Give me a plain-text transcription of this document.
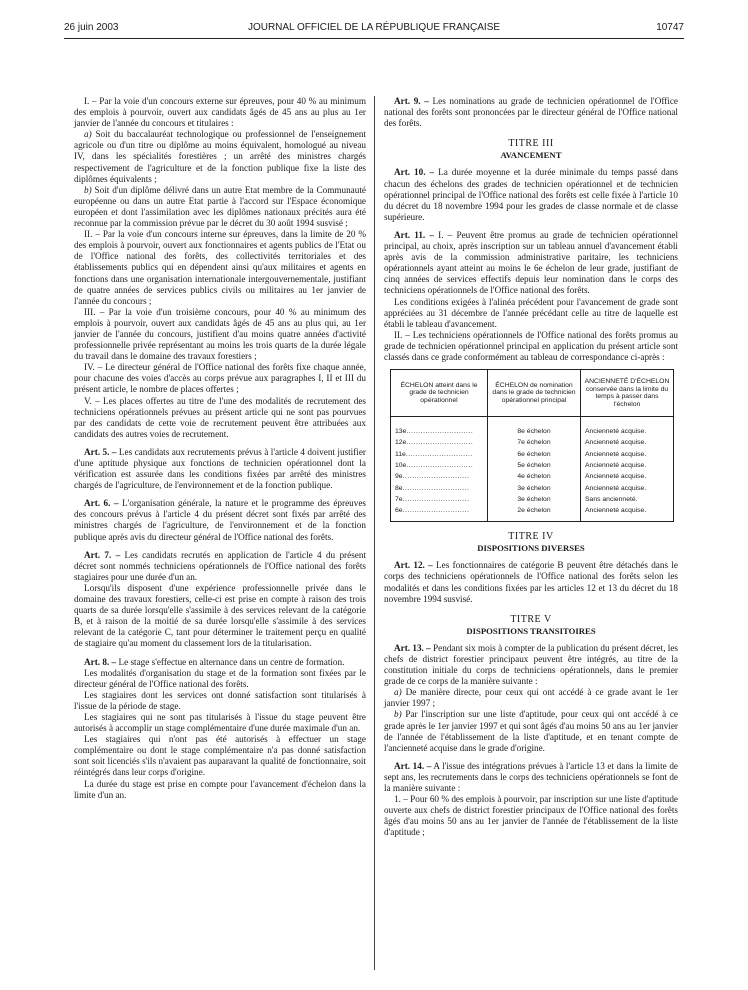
26 juin 2003	JOURNAL OFFICIEL DE LA RÉPUBLIQUE FRANÇAISE	10747

I. – Par la voie d'un concours externe sur épreuves, pour 40 % au minimum des emplois à pourvoir, ouvert aux candidats âgés de 45 ans au plus au 1er janvier de l'année du concours et titulaires :

a) Soit du baccalauréat technologique ou professionnel de l'enseignement agricole ou d'un titre ou diplôme au moins équivalent, homologué au niveau IV, dans les spécialités forestières ; un arrêté des ministres chargés respectivement de l'agriculture et de la fonction publique fixe la liste des diplômes équivalents ;

b) Soit d'un diplôme délivré dans un autre Etat membre de la Communauté européenne ou dans un autre Etat partie à l'accord sur l'Espace économique européen et dont l'assimilation avec les diplômes nationaux précités aura été reconnue par la commission prévue par le décret du 30 août 1994 susvisé ;

II. – Par la voie d'un concours interne sur épreuves, dans la limite de 20 % des emplois à pourvoir, ouvert aux fonctionnaires et agents publics de l'Etat ou de l'Office national des forêts, des collectivités territoriales et des établissements publics qui en dépendent ainsi qu'aux militaires et agents en fonctions dans une organisation internationale intergouvernementale, justifiant de quatre années de services publics civils ou militaires au 1er janvier de l'année du concours ;

III. – Par la voie d'un troisième concours, pour 40 % au minimum des emplois à pourvoir, ouvert aux candidats âgés de 45 ans au plus qui, au 1er janvier de l'année du concours, justifient d'au moins quatre années d'activité professionnelle privée représentant au moins les trois quarts de la durée légale du travail dans le domaine des travaux forestiers ;

IV. – Le directeur général de l'Office national des forêts fixe chaque année, pour chacune des voies d'accès au corps prévue aux paragraphes I, II et III du présent article, le nombre de places offertes ;

V. – Les places offertes au titre de l'une des modalités de recrutement des techniciens opérationnels prévues au présent article qui ne sont pas pourvues par des candidats de cette voie de recrutement peuvent être attribuées aux candidats des autres voies de recrutement.

Art. 5. – Les candidats aux recrutements prévus à l'article 4 doivent justifier d'une aptitude physique aux fonctions de technicien opérationnel dont la vérification est assurée dans les conditions fixées par arrêté des ministres chargés de l'agriculture, de l'environnement et de la fonction publique.

Art. 6. – L'organisation générale, la nature et le programme des épreuves des concours prévus à l'article 4 du présent décret sont fixés par arrêté des ministres chargés de l'agriculture, de l'environnement et de la fonction publique après avis du directeur général de l'Office national des forêts.

Art. 7. – Les candidats recrutés en application de l'article 4 du présent décret sont nommés techniciens opérationnels de l'Office national des forêts stagiaires pour une durée d'un an.

Lorsqu'ils disposent d'une expérience professionnelle privée dans le domaine des travaux forestiers, celle-ci est prise en compte à raison des trois quarts de sa durée lorsqu'elle s'assimile à des services relevant de la catégorie B, et à raison de la moitié de sa durée lorsqu'elle s'assimile à des services relevant de la catégorie C, tant pour déterminer le traitement perçu en qualité de stagiaire qu'au moment du classement lors de la titularisation.

Art. 8. – Le stage s'effectue en alternance dans un centre de formation.

Les modalités d'organisation du stage et de la formation sont fixées par le directeur général de l'Office national des forêts.

Les stagiaires dont les services ont donné satisfaction sont titularisés à l'issue de la période de stage.

Les stagiaires qui ne sont pas titularisés à l'issue du stage peuvent être autorisés à accomplir un stage complémentaire d'une durée maximale d'un an.

Les stagiaires qui n'ont pas été autorisés à effectuer un stage complémentaire ou dont le stage complémentaire n'a pas donné satisfaction sont soit licenciés s'ils n'avaient pas auparavant la qualité de fonctionnaire, soit réintégrés dans leur corps d'origine.

La durée du stage est prise en compte pour l'avancement d'échelon dans la limite d'un an.

Art. 9. – Les nominations au grade de technicien opérationnel de l'Office national des forêts sont prononcées par le directeur général de l'Office national des forêts.

TITRE III

AVANCEMENT

Art. 10. – La durée moyenne et la durée minimale du temps passé dans chacun des échelons des grades de technicien opérationnel et de technicien opérationnel principal de l'Office national des forêts est celle fixée à l'article 10 du décret du 18 novembre 1994 pour les grades de classe normale et de classe supérieure.

Art. 11. – I. – Peuvent être promus au grade de technicien opérationnel principal, au choix, après inscription sur un tableau annuel d'avancement établi après avis de la commission administrative paritaire, les techniciens opérationnels ayant atteint au moins le 6e échelon de leur grade, justifiant de cinq années de services effectifs depuis leur nomination dans le corps des techniciens opérationnels de l'Office national des forêts.

Les conditions exigées à l'alinéa précédent pour l'avancement de grade sont appréciées au 31 décembre de l'année précédant celle au titre de laquelle est établi le tableau d'avancement.

II. – Les techniciens opérationnels de l'Office national des forêts promus au grade de technicien opérationnel principal en application du présent article sont classés dans ce grade conformément au tableau de correspondance ci-après :

ÉCHELON atteint dans le grade de technicien opérationnel	ÉCHELON de nomination dans le grade de technicien opérationnel principal	ANCIENNETÉ D'ÉCHELON conservée dans la limite du temps à passer dans l'échelon

13e............................	8e échelon	Ancienneté acquise.
12e............................	7e échelon	Ancienneté acquise.
11e............................	6e échelon	Ancienneté acquise.
10e............................	5e échelon	Ancienneté acquise.
9e............................	4e échelon	Ancienneté acquise.
8e............................	3e échelon	Ancienneté acquise.
7e............................	3e échelon	Sans ancienneté.
6e............................	2e échelon	Ancienneté acquise.

TITRE IV

DISPOSITIONS DIVERSES

Art. 12. – Les fonctionnaires de catégorie B peuvent être détachés dans le corps des techniciens opérationnels de l'Office national des forêts selon les modalités et dans les conditions fixées par les articles 12 et 13 du décret du 18 novembre 1994 susvisé.

TITRE V

DISPOSITIONS TRANSITOIRES

Art. 13. – Pendant six mois à compter de la publication du présent décret, les chefs de district forestier principaux peuvent être intégrés, au titre de la constitution initiale du corps de techniciens opérationnels, dans le premier grade de ce corps de la manière suivante :

a) De manière directe, pour ceux qui ont accédé à ce grade avant le 1er janvier 1997 ;

b) Par l'inscription sur une liste d'aptitude, pour ceux qui ont accédé à ce grade après le 1er janvier 1997 et qui sont âgés d'au moins 50 ans au 1er janvier de l'année de l'établissement de la liste d'aptitude, et en tenant compte de l'ancienneté acquise dans le grade d'origine.

Art. 14. – A l'issue des intégrations prévues à l'article 13 et dans la limite de sept ans, les recrutements dans le corps des techniciens opérationnels se font de la manière suivante :

1. – Pour 60 % des emplois à pourvoir, par inscription sur une liste d'aptitude ouverte aux chefs de district forestier principaux de l'Office national des forêts âgés d'au moins 50 ans au 1er janvier de l'année de l'établissement de la liste d'aptitude ;
